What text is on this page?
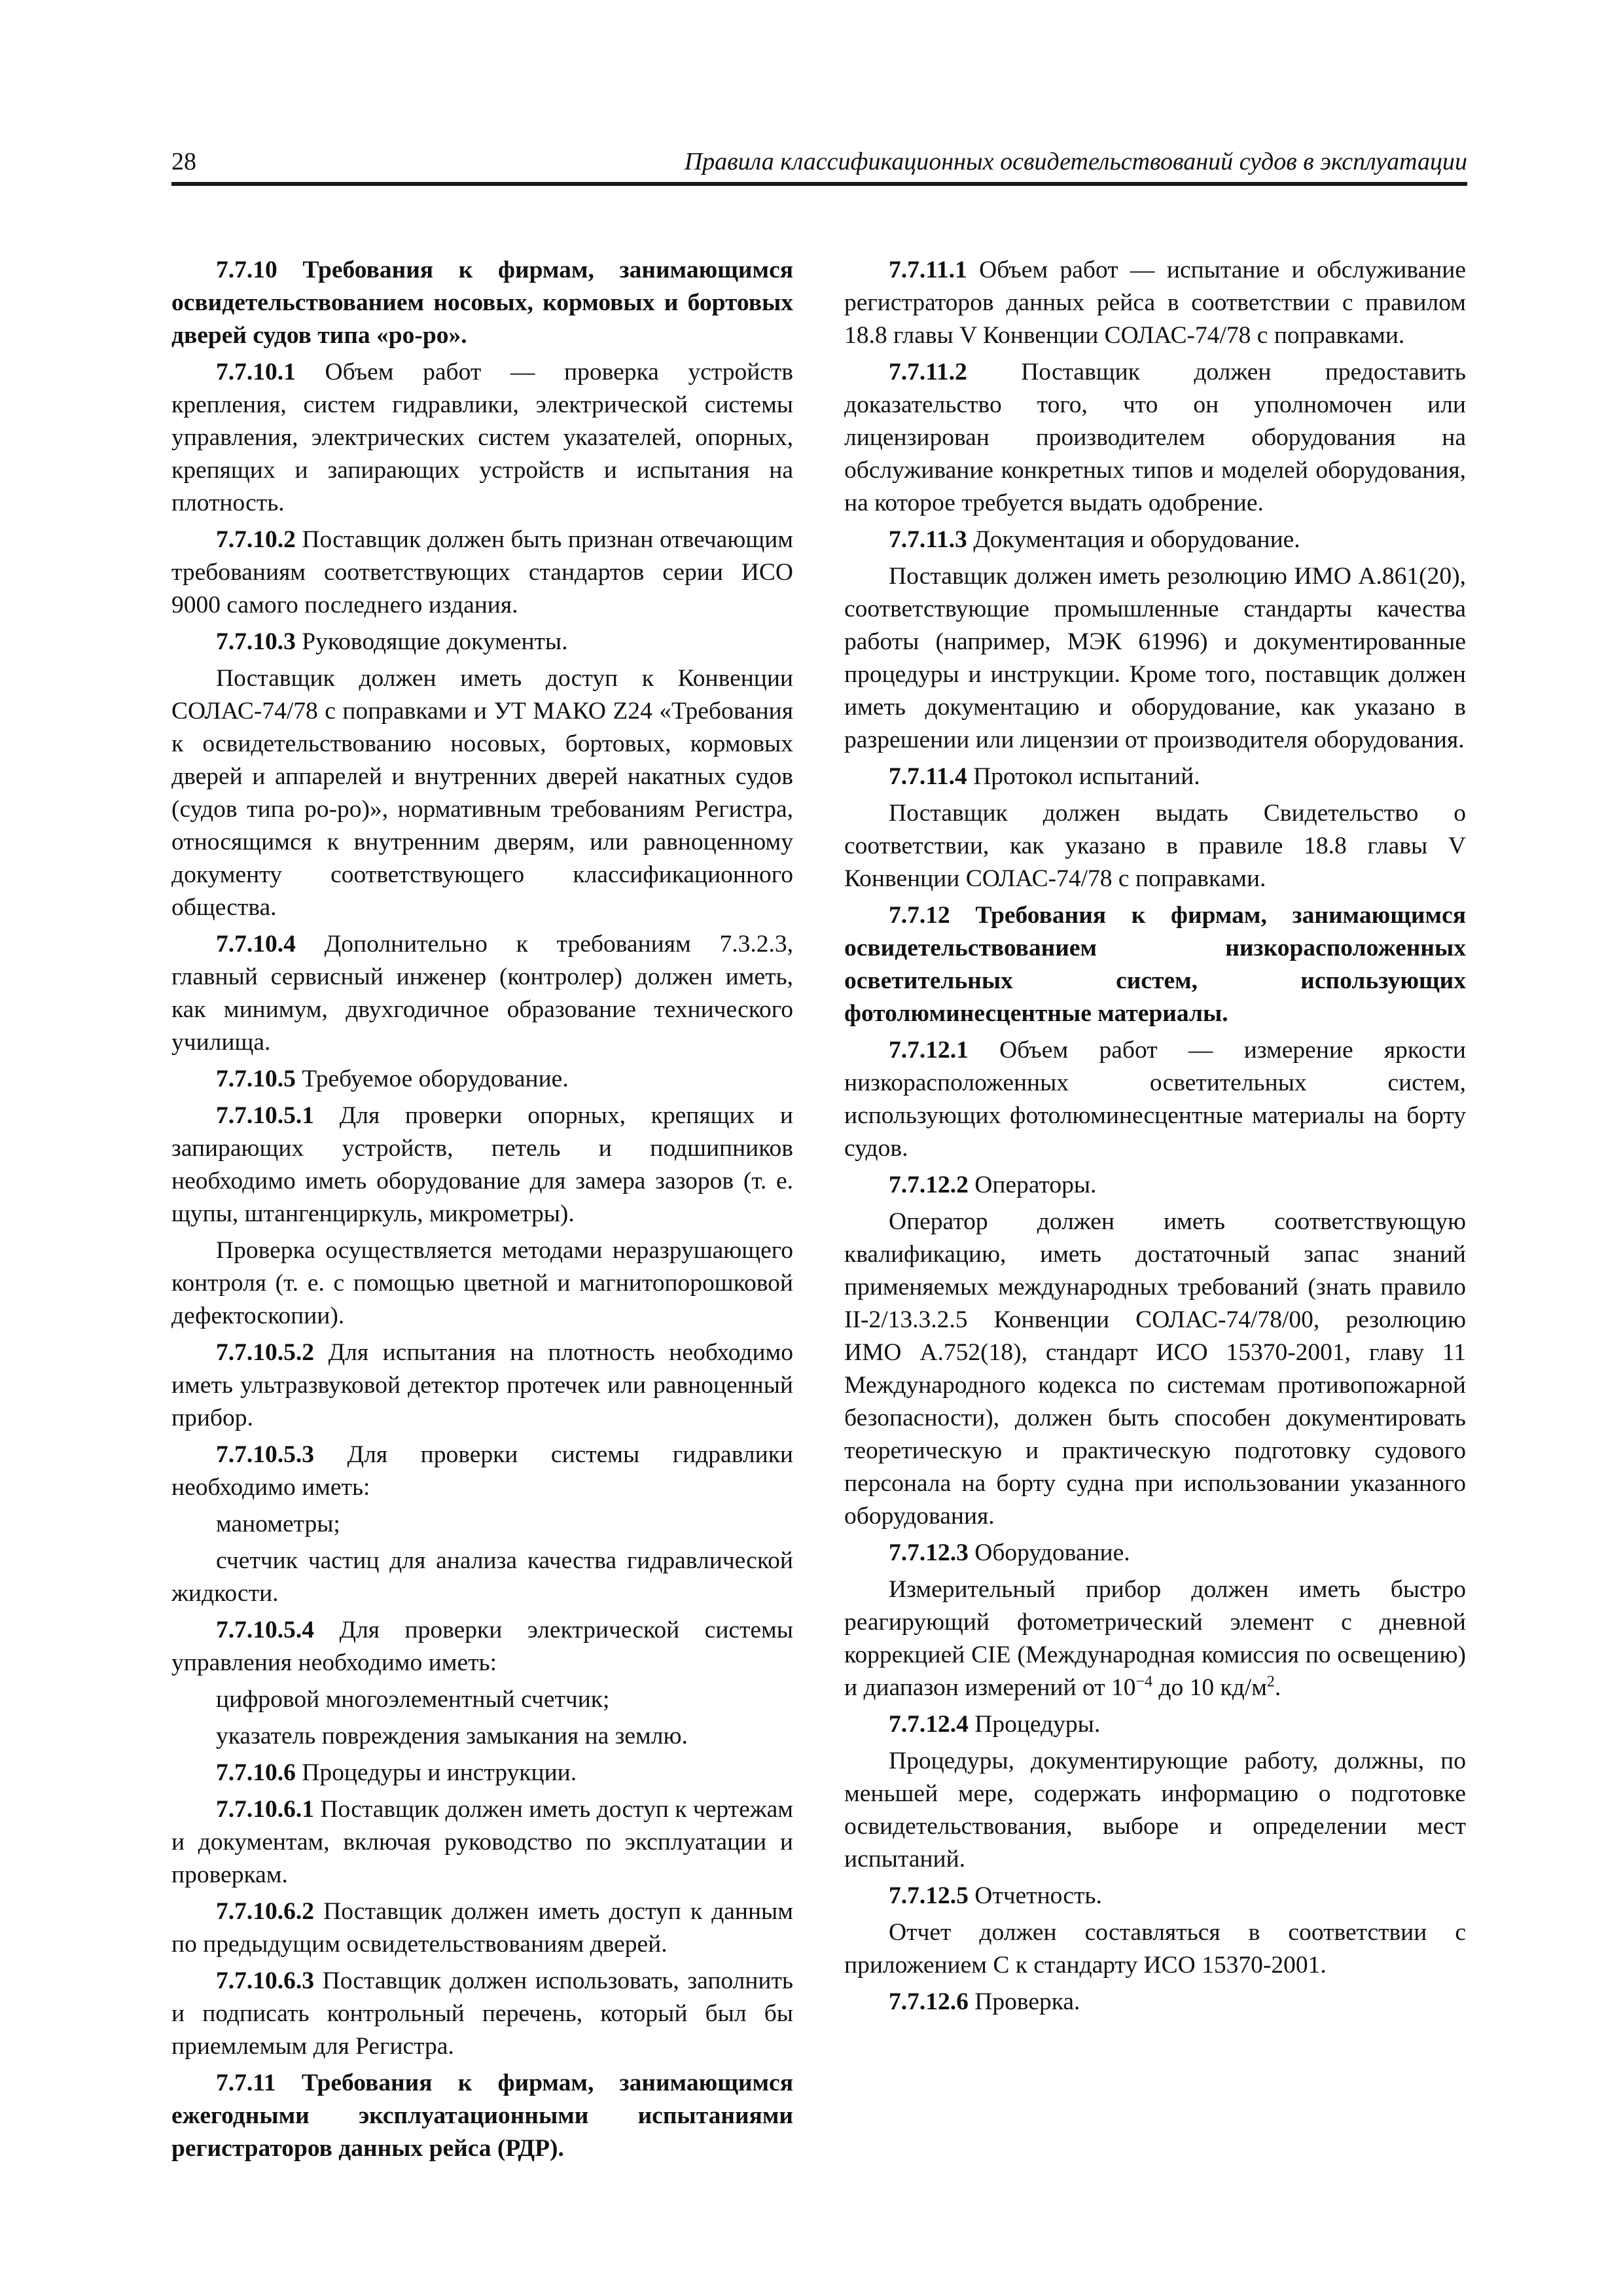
28	Правила классификационных освидетельствований судов в эксплуатации

7.7.10 Требования к фирмам, занимающимся освидетельствованием носовых, кормовых и бортовых дверей судов типа «ро-ро».

7.7.10.1 Объем работ — проверка устройств крепления, систем гидравлики, электрической системы управления, электрических систем указателей, опорных, крепящих и запирающих устройств и испытания на плотность.

7.7.10.2 Поставщик должен быть признан отвечающим требованиям соответствующих стандартов серии ИСО 9000 самого последнего издания.

7.7.10.3 Руководящие документы.

Поставщик должен иметь доступ к Конвенции СОЛАС-74/78 с поправками и УТ МАКО Z24 «Требования к освидетельствованию носовых, бортовых, кормовых дверей и аппарелей и внутренних дверей накатных судов (судов типа ро-ро)», нормативным требованиям Регистра, относящимся к внутренним дверям, или равноценному документу соответствующего классификационного общества.

7.7.10.4 Дополнительно к требованиям 7.3.2.3, главный сервисный инженер (контролер) должен иметь, как минимум, двухгодичное образование технического училища.

7.7.10.5 Требуемое оборудование.

7.7.10.5.1 Для проверки опорных, крепящих и запирающих устройств, петель и подшипников необходимо иметь оборудование для замера зазоров (т. е. щупы, штангенциркуль, микрометры).

Проверка осуществляется методами неразрушающего контроля (т. е. с помощью цветной и магнитопорошковой дефектоскопии).

7.7.10.5.2 Для испытания на плотность необходимо иметь ультразвуковой детектор протечек или равноценный прибор.

7.7.10.5.3 Для проверки системы гидравлики необходимо иметь:

манометры;

счетчик частиц для анализа качества гидравлической жидкости.

7.7.10.5.4 Для проверки электрической системы управления необходимо иметь:

цифровой многоэлементный счетчик;

указатель повреждения замыкания на землю.

7.7.10.6 Процедуры и инструкции.

7.7.10.6.1 Поставщик должен иметь доступ к чертежам и документам, включая руководство по эксплуатации и проверкам.

7.7.10.6.2 Поставщик должен иметь доступ к данным по предыдущим освидетельствованиям дверей.

7.7.10.6.3 Поставщик должен использовать, заполнить и подписать контрольный перечень, который был бы приемлемым для Регистра.

7.7.11 Требования к фирмам, занимающимся ежегодными эксплуатационными испытаниями регистраторов данных рейса (РДР).

7.7.11.1 Объем работ — испытание и обслуживание регистраторов данных рейса в соответствии с правилом 18.8 главы V Конвенции СОЛАС-74/78 с поправками.

7.7.11.2 Поставщик должен предоставить доказательство того, что он уполномочен или лицензирован производителем оборудования на обслуживание конкретных типов и моделей оборудования, на которое требуется выдать одобрение.

7.7.11.3 Документация и оборудование.

Поставщик должен иметь резолюцию ИМО А.861(20), соответствующие промышленные стандарты качества работы (например, МЭК 61996) и документированные процедуры и инструкции. Кроме того, поставщик должен иметь документацию и оборудование, как указано в разрешении или лицензии от производителя оборудования.

7.7.11.4 Протокол испытаний.

Поставщик должен выдать Свидетельство о соответствии, как указано в правиле 18.8 главы V Конвенции СОЛАС-74/78 с поправками.

7.7.12 Требования к фирмам, занимающимся освидетельствованием низкорасположенных осветительных систем, использующих фотолюминесцентные материалы.

7.7.12.1 Объем работ — измерение яркости низкорасположенных осветительных систем, использующих фотолюминесцентные материалы на борту судов.

7.7.12.2 Операторы.

Оператор должен иметь соответствующую квалификацию, иметь достаточный запас знаний применяемых международных требований (знать правило II-2/13.3.2.5 Конвенции СОЛАС-74/78/00, резолюцию ИМО А.752(18), стандарт ИСО 15370-2001, главу 11 Международного кодекса по системам противопожарной безопасности), должен быть способен документировать теоретическую и практическую подготовку судового персонала на борту судна при использовании указанного оборудования.

7.7.12.3 Оборудование.

Измерительный прибор должен иметь быстро реагирующий фотометрический элемент с дневной коррекцией CIE (Международная комиссия по освещению) и диапазон измерений от $10^{-4}$ до 10 $кд/м^2$.

7.7.12.4 Процедуры.

Процедуры, документирующие работу, должны, по меньшей мере, содержать информацию о подготовке освидетельствования, выборе и определении мест испытаний.

7.7.12.5 Отчетность.

Отчет должен составляться в соответствии с приложением С к стандарту ИСО 15370-2001.

7.7.12.6 Проверка.
